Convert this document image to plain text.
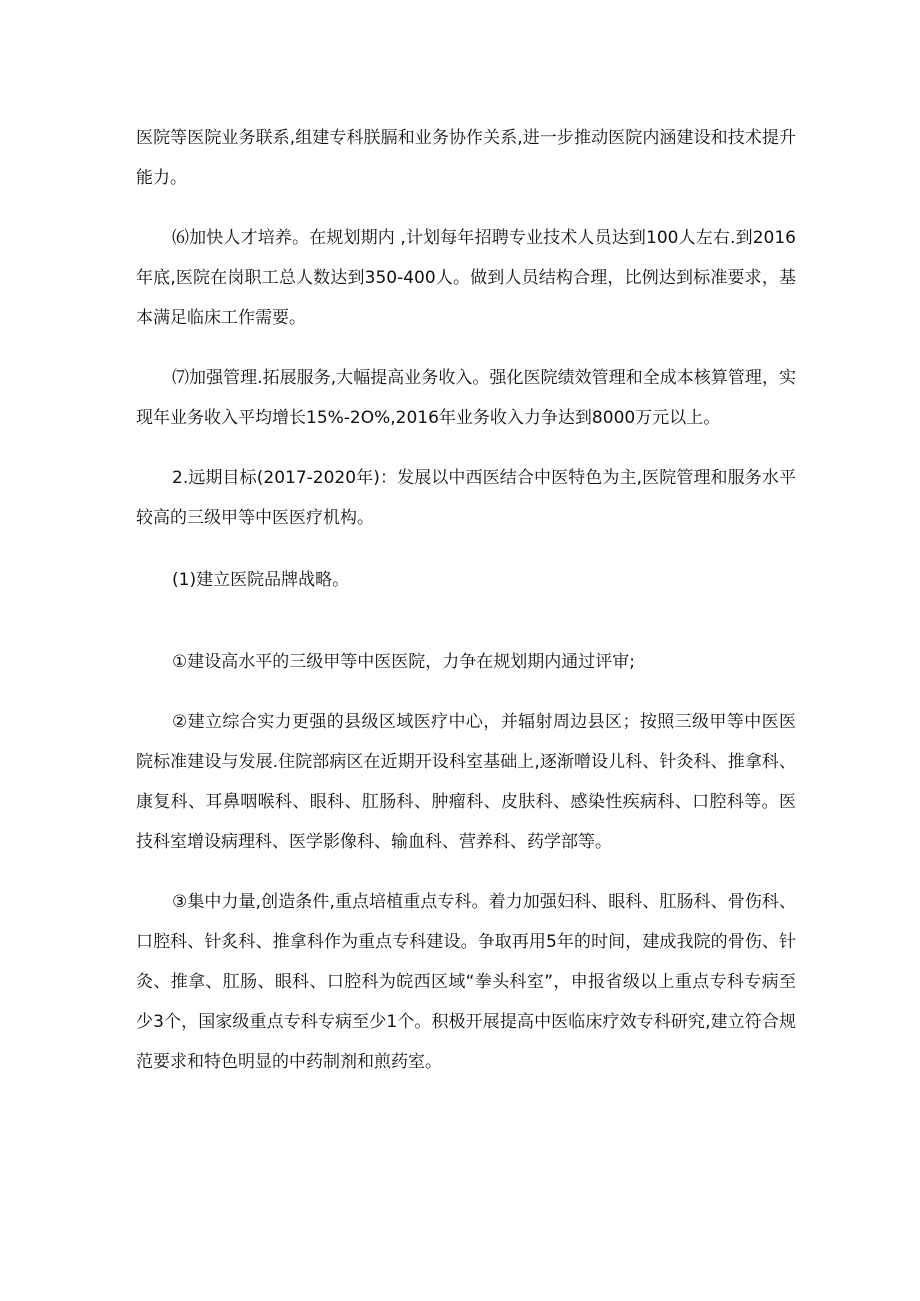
医院等医院业务联系,组建专科朕膈和业务协作关系,进一步推动医院内涵建设和技术提升能力。

⑹加快人才培养。在规划期内 ,计划每年招聘专业技术人员达到100人左右.到2016年底,医院在岗职工总人数达到350-400人。做到人员结构合理，比例达到标准要求，基本满足临床工作需要。

⑺加强管理.拓展服务,大幅提高业务收入。强化医院绩效管理和全成本核算管理，实现年业务收入平均增长15%-2O%,2016年业务收入力争达到8000万元以上。

2.远期目标(2017-2020年)：发展以中西医结合中医特色为主,医院管理和服务水平较高的三级甲等中医医疗机构。

(1)建立医院品牌战略。

①建设高水平的三级甲等中医医院，力争在规划期内通过评审;

②建立综合实力更强的县级区域医疗中心，并辐射周边县区；按照三级甲等中医医院标准建设与发展.住院部病区在近期开设科室基础上,逐渐噌设儿科、针灸科、推拿科、康复科、耳鼻咽喉科、眼科、肛肠科、肿瘤科、皮肤科、感染性疾病科、口腔科等。医技科室增设病理科、医学影像科、输血科、营养科、药学部等。

③集中力量,创造条件,重点培植重点专科。着力加强妇科、眼科、肛肠科、骨伤科、口腔科、针炙科、推拿科作为重点专科建设。争取再用5年的时间，建成我院的骨伤、针灸、推拿、肛肠、眼科、口腔科为皖西区域“拳头科室”，申报省级以上重点专科专病至少3个，国家级重点专科专病至少1个。积极开展提高中医临床疗效专科研究,建立符合规范要求和特色明显的中药制剂和煎药室。
